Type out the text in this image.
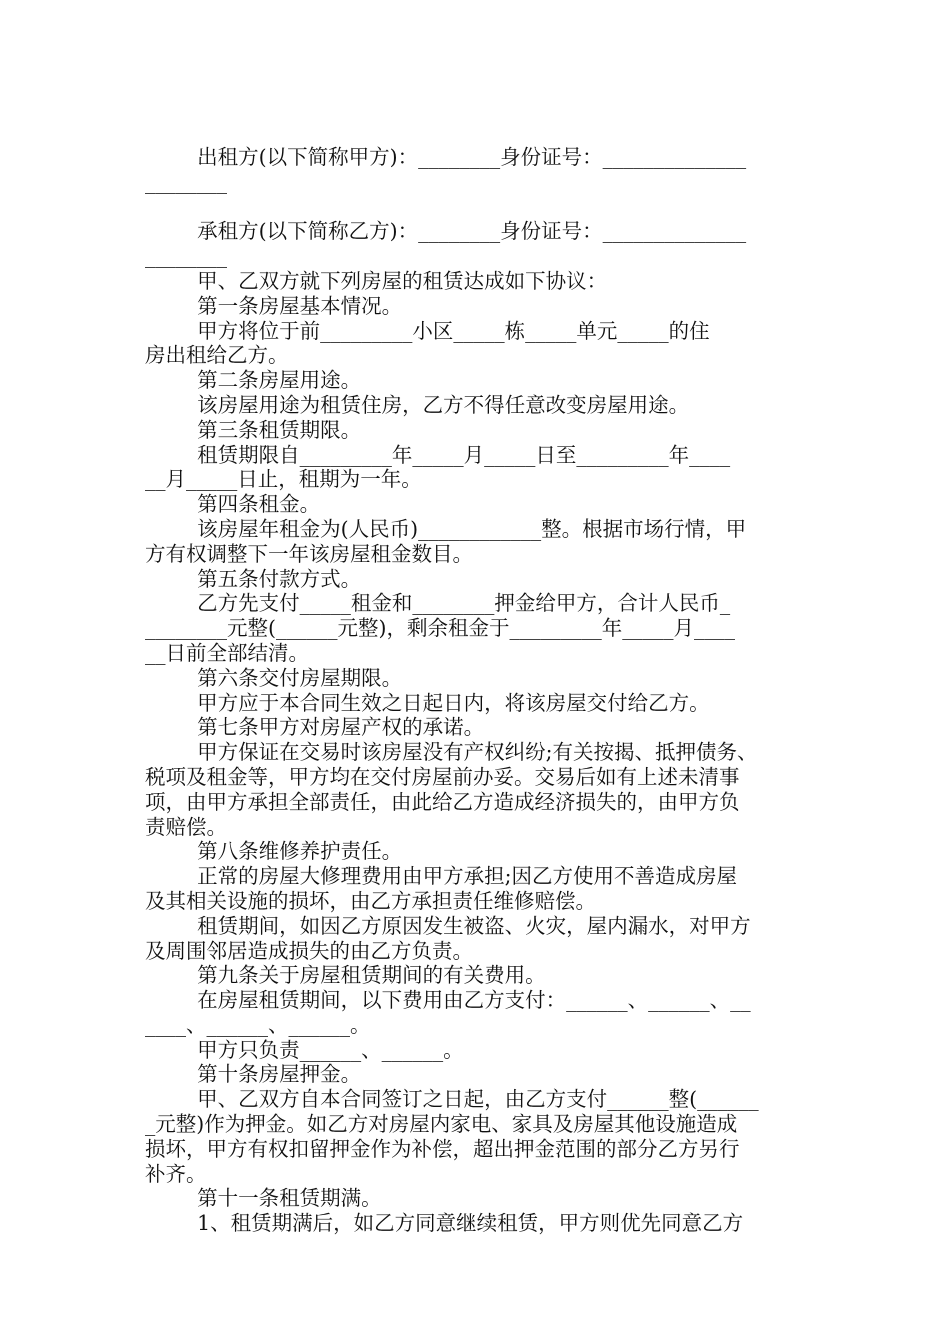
出租方(以下简称甲方)：________身份证号：______________
________
承租方(以下简称乙方)：________身份证号：______________
________
甲、乙双方就下列房屋的租赁达成如下协议：
第一条房屋基本情况。
甲方将位于前_________小区_____栋_____单元_____的住
房出租给乙方。
第二条房屋用途。
该房屋用途为租赁住房，乙方不得任意改变房屋用途。
第三条租赁期限。
租赁期限自_________年_____月_____日至_________年____
__月_____日止，租期为一年。
第四条租金。
该房屋年租金为(人民币)____________整。根据市场行情，甲
方有权调整下一年该房屋租金数目。
第五条付款方式。
乙方先支付_____租金和________押金给甲方，合计人民币_
________元整(______元整)，剩余租金于_________年_____月____
__日前全部结清。
第六条交付房屋期限。
甲方应于本合同生效之日起日内，将该房屋交付给乙方。
第七条甲方对房屋产权的承诺。
甲方保证在交易时该房屋没有产权纠纷;有关按揭、抵押债务、
税项及租金等，甲方均在交付房屋前办妥。交易后如有上述未清事
项，由甲方承担全部责任，由此给乙方造成经济损失的，由甲方负
责赔偿。
第八条维修养护责任。
正常的房屋大修理费用由甲方承担;因乙方使用不善造成房屋
及其相关设施的损坏，由乙方承担责任维修赔偿。
租赁期间，如因乙方原因发生被盗、火灾，屋内漏水，对甲方
及周围邻居造成损失的由乙方负责。
第九条关于房屋租赁期间的有关费用。
在房屋租赁期间，以下费用由乙方支付：______、______、__
____、______、______。
甲方只负责______、______。
第十条房屋押金。
甲、乙双方自本合同签订之日起，由乙方支付______整(______
_元整)作为押金。如乙方对房屋内家电、家具及房屋其他设施造成
损坏，甲方有权扣留押金作为补偿，超出押金范围的部分乙方另行
补齐。
第十一条租赁期满。
1、租赁期满后，如乙方同意继续租赁，甲方则优先同意乙方
